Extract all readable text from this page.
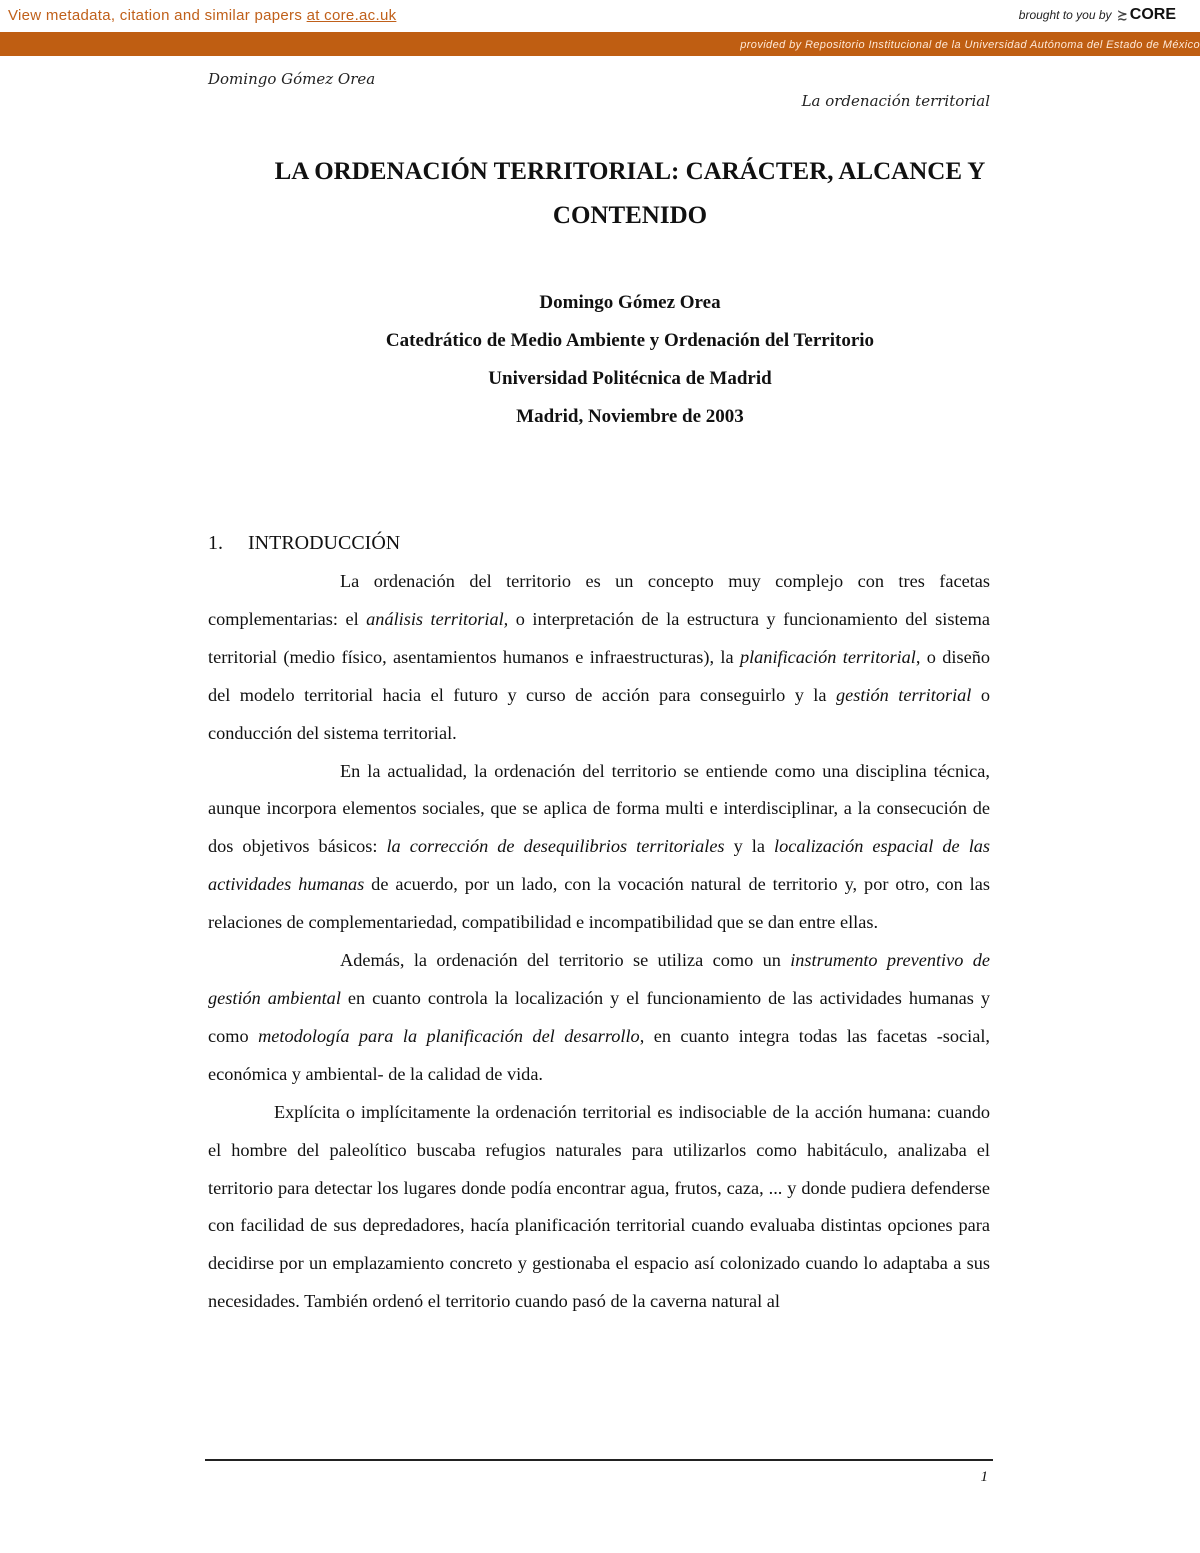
View metadata, citation and similar papers at core.ac.uk	brought to you by ≿ CORE
provided by Repositorio Institucional de la Universidad Autónoma del Estado de México
Domingo Gómez Orea
La ordenación territorial
LA ORDENACIÓN TERRITORIAL: CARÁCTER, ALCANCE Y
CONTENIDO
Domingo Gómez Orea
Catedrático de Medio Ambiente y Ordenación del Territorio
Universidad Politécnica de Madrid
Madrid, Noviembre de 2003
1. INTRODUCCIÓN

La ordenación del territorio es un concepto muy complejo con tres facetas complementarias: el análisis territorial, o interpretación de la estructura y funcionamiento del sistema territorial (medio físico, asentamientos humanos e infraestructuras), la planificación territorial, o diseño del modelo territorial hacia el futuro y curso de acción para conseguirlo y la gestión territorial o conducción del sistema territorial.

En la actualidad, la ordenación del territorio se entiende como una disciplina técnica, aunque incorpora elementos sociales, que se aplica de forma multi e interdisciplinar, a la consecución de dos objetivos básicos: la corrección de desequilibrios territoriales y la localización espacial de las actividades humanas de acuerdo, por un lado, con la vocación natural de territorio y, por otro, con las relaciones de complementariedad, compatibilidad e incompatibilidad que se dan entre ellas.

Además, la ordenación del territorio se utiliza como un instrumento preventivo de gestión ambiental en cuanto controla la localización y el funcionamiento de las actividades humanas y como metodología para la planificación del desarrollo, en cuanto integra todas las facetas -social, económica y ambiental- de la calidad de vida.

Explícita o implícitamente la ordenación territorial es indisociable de la acción humana: cuando el hombre del paleolítico buscaba refugios naturales para utilizarlos como habitáculo, analizaba el territorio para detectar los lugares donde podía encontrar agua, frutos, caza, ... y donde pudiera defenderse con facilidad de sus depredadores, hacía planificación territorial cuando evaluaba distintas opciones para decidirse por un emplazamiento concreto y gestionaba el espacio así colonizado cuando lo adaptaba a sus necesidades. También ordenó el territorio cuando pasó de la caverna natural al

1
